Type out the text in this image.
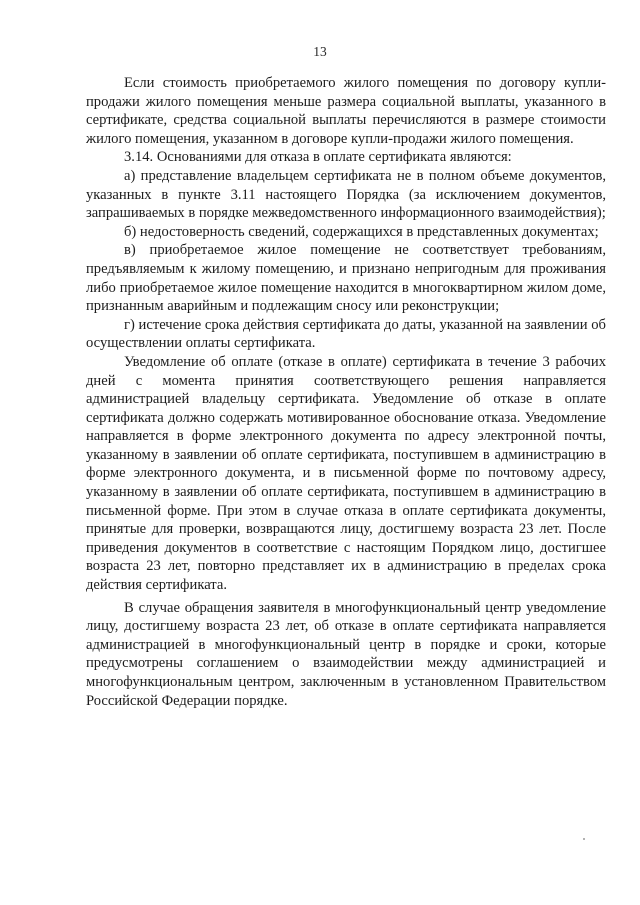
13

Если стоимость приобретаемого жилого помещения по договору купли-продажи жилого помещения меньше размера социальной выплаты, указанного в сертификате, средства социальной выплаты перечисляются в размере стоимости жилого помещения, указанном в договоре купли-продажи жилого помещения.

3.14. Основаниями для отказа в оплате сертификата являются:

а) представление владельцем сертификата не в полном объеме документов, указанных в пункте 3.11 настоящего Порядка (за исключением документов, запрашиваемых в порядке межведомственного информационного взаимодействия);

б) недостоверность сведений, содержащихся в представленных документах;

в) приобретаемое жилое помещение не соответствует требованиям, предъявляемым к жилому помещению, и признано непригодным для проживания либо приобретаемое жилое помещение находится в многоквартирном жилом доме, признанным аварийным и подлежащим сносу или реконструкции;

г) истечение срока действия сертификата до даты, указанной на заявлении об осуществлении оплаты сертификата.

Уведомление об оплате (отказе в оплате) сертификата в течение 3 рабочих дней с момента принятия соответствующего решения направляется администрацией владельцу сертификата. Уведомление об отказе в оплате сертификата должно содержать мотивированное обоснование отказа. Уведомление направляется в форме электронного документа по адресу электронной почты, указанному в заявлении об оплате сертификата, поступившем в администрацию в форме электронного документа, и в письменной форме по почтовому адресу, указанному в заявлении об оплате сертификата, поступившем в администрацию в письменной форме. При этом в случае отказа в оплате сертификата документы, принятые для проверки, возвращаются лицу, достигшему возраста 23 лет. После приведения документов в соответствие с настоящим Порядком лицо, достигшее возраста 23 лет, повторно представляет их в администрацию в пределах срока действия сертификата.

В случае обращения заявителя в многофункциональный центр уведомление лицу, достигшему возраста 23 лет, об отказе в оплате сертификата направляется администрацией в многофункциональный центр в порядке и сроки, которые предусмотрены соглашением о взаимодействии между администрацией и многофункциональным центром, заключенным в установленном Правительством Российской Федерации порядке.
